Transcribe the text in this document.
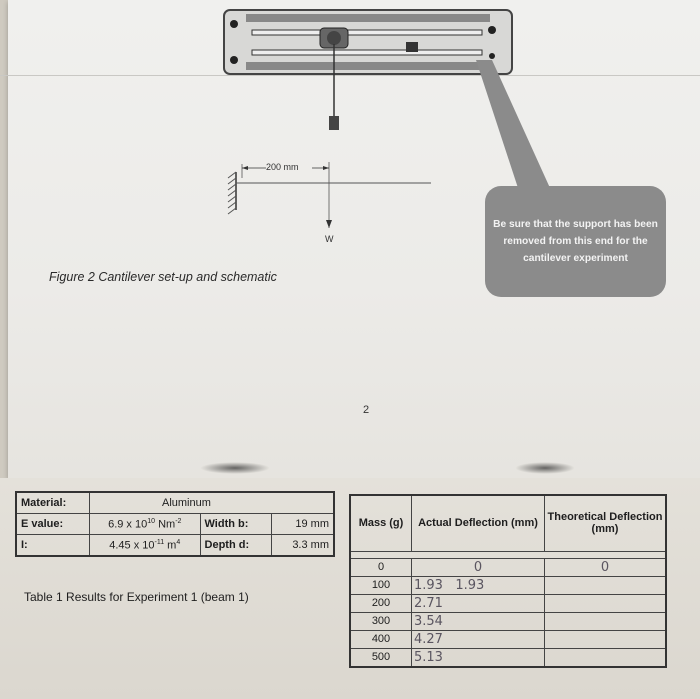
200 mm
W
Be sure that the support has been removed from this end for the cantilever experiment
Figure 2 Cantilever set-up and schematic
2
Material:	Aluminum		
E value:	6.9 x $10^{10}$ $Nm^{-2}$	Width b:	19 mm
I:	4.45 x $10^{-11}$ $m^4$	Depth d:	3.3 mm
Table 1 Results for Experiment 1 (beam 1)
Mass (g)	Actual Deflection (mm)	Theoretical Deflection (mm)

0	0	0
100	1.93   1.93	
200	2.71	
300	3.54	
400	4.27	
500	5.13	
